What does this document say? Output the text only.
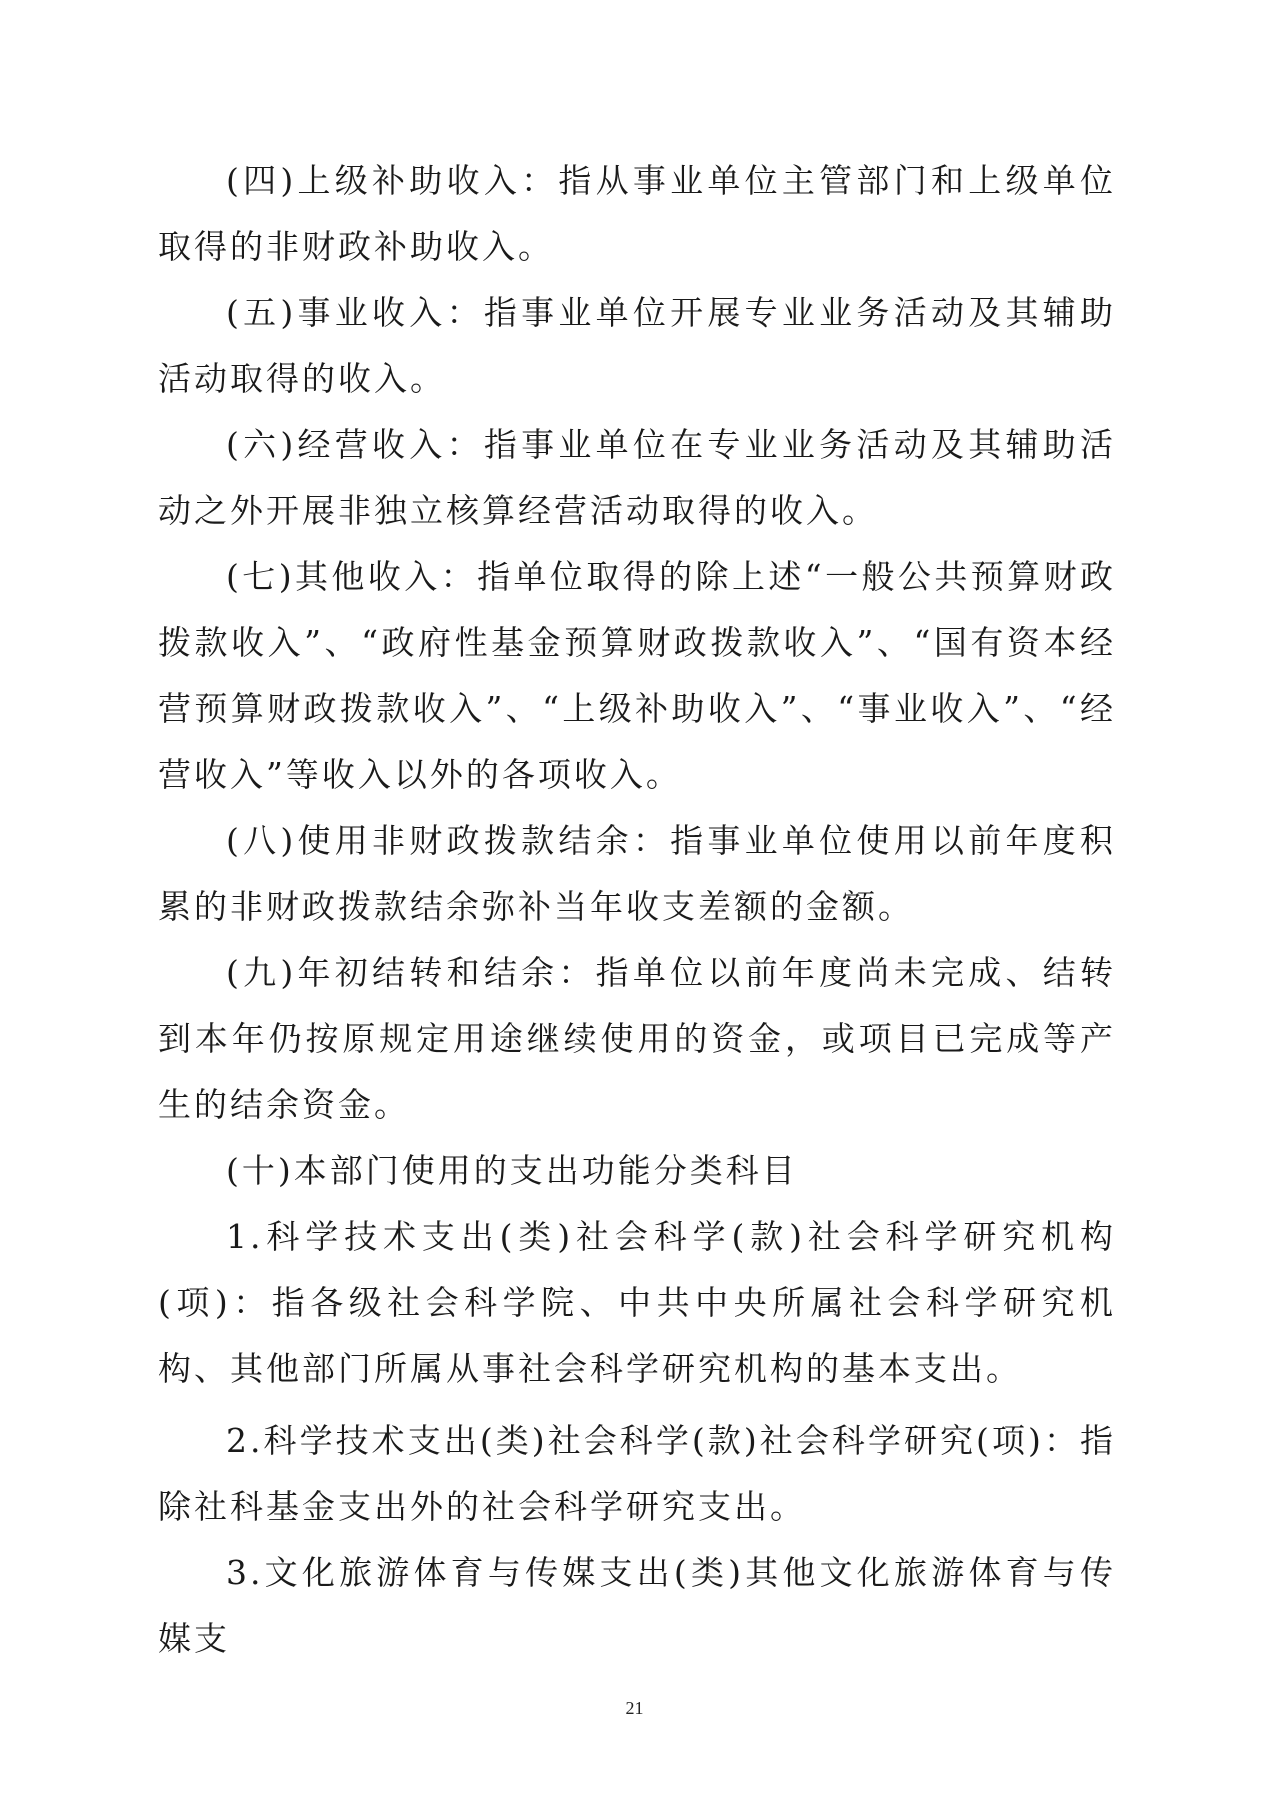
(四)上级补助收入：指从事业单位主管部门和上级单位取得的非财政补助收入。

(五)事业收入：指事业单位开展专业业务活动及其辅助活动取得的收入。

(六)经营收入：指事业单位在专业业务活动及其辅助活动之外开展非独立核算经营活动取得的收入。

(七)其他收入：指单位取得的除上述“一般公共预算财政拨款收入”、“政府性基金预算财政拨款收入”、“国有资本经营预算财政拨款收入”、“上级补助收入”、“事业收入”、“经营收入”等收入以外的各项收入。

(八)使用非财政拨款结余：指事业单位使用以前年度积累的非财政拨款结余弥补当年收支差额的金额。

(九)年初结转和结余：指单位以前年度尚未完成、结转到本年仍按原规定用途继续使用的资金，或项目已完成等产生的结余资金。

(十)本部门使用的支出功能分类科目

1.科学技术支出(类)社会科学(款)社会科学研究机构(项)：指各级社会科学院、中共中央所属社会科学研究机构、其他部门所属从事社会科学研究机构的基本支出。

2.科学技术支出(类)社会科学(款)社会科学研究(项)：指除社科基金支出外的社会科学研究支出。

3.文化旅游体育与传媒支出(类)其他文化旅游体育与传媒支

21
